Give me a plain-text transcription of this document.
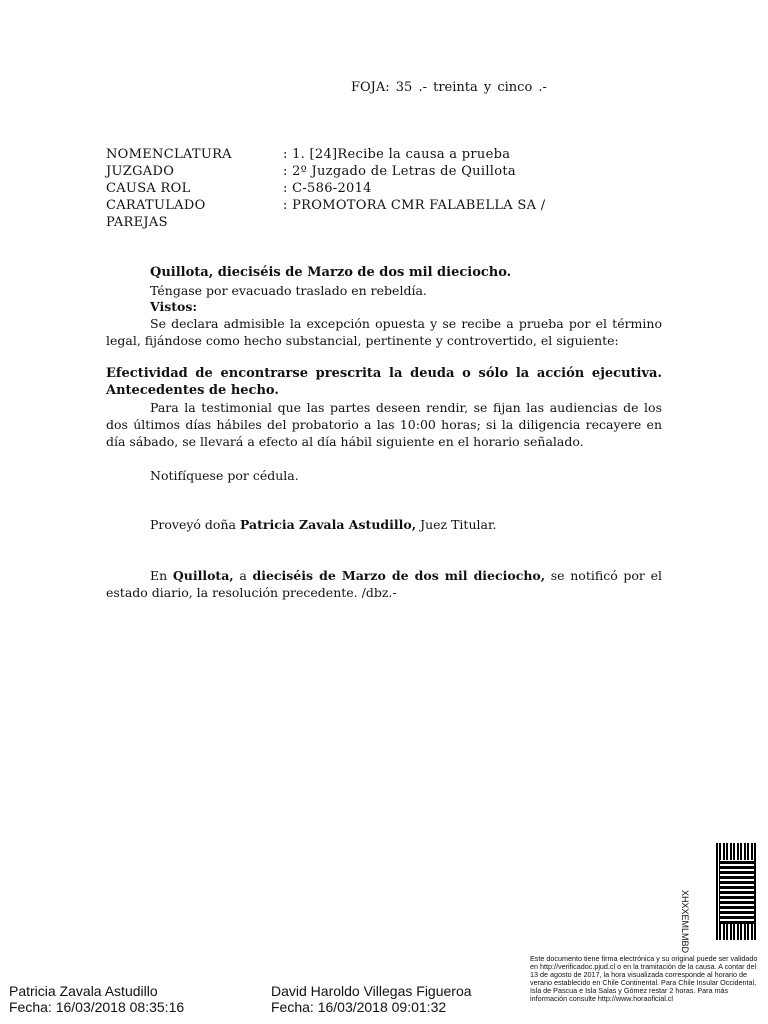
FOJA: 35 .- treinta y cinco .-
NOMENCLATURA	: 1. [24]Recibe la causa a prueba
JUZGADO	: 2º Juzgado de Letras de Quillota
CAUSA ROL	: C-586-2014
CARATULADO	: PROMOTORA CMR FALABELLA SA /
PAREJAS
Quillota, dieciséis de Marzo de dos mil dieciocho.
Téngase por evacuado traslado en rebeldía.
Vistos:
Se declara admisible la excepción opuesta y se recibe a prueba por el término legal, fijándose como hecho substancial, pertinente y controvertido, el siguiente:
Efectividad de encontrarse prescrita la deuda o sólo la acción ejecutiva. Antecedentes de hecho.
Para la testimonial que las partes deseen rendir, se fijan las audiencias de los dos últimos días hábiles del probatorio a las 10:00 horas; si la diligencia recayere en día sábado, se llevará a efecto al día hábil siguiente en el horario señalado.
Notifíquese por cédula.
Proveyó doña Patricia Zavala Astudillo, Juez Titular.
En Quillota, a dieciséis de Marzo de dos mil dieciocho, se notificó por el estado diario, la resolución precedente. /dbz.-
XHXXEMLMBD
Este documento tiene firma electrónica y su original puede ser validado en http://verificadoc.pjud.cl o en la tramitación de la causa. A contar del 13 de agosto de 2017, la hora visualizada corresponde al horario de verano establecido en Chile Continental. Para Chile Insular Occidental, Isla de Pascua e Isla Salas y Gómez restar 2 horas. Para más información consulte http://www.horaoficial.cl
Patricia Zavala Astudillo
Fecha: 16/03/2018 08:35:16
David Haroldo Villegas Figueroa
Fecha: 16/03/2018 09:01:32
